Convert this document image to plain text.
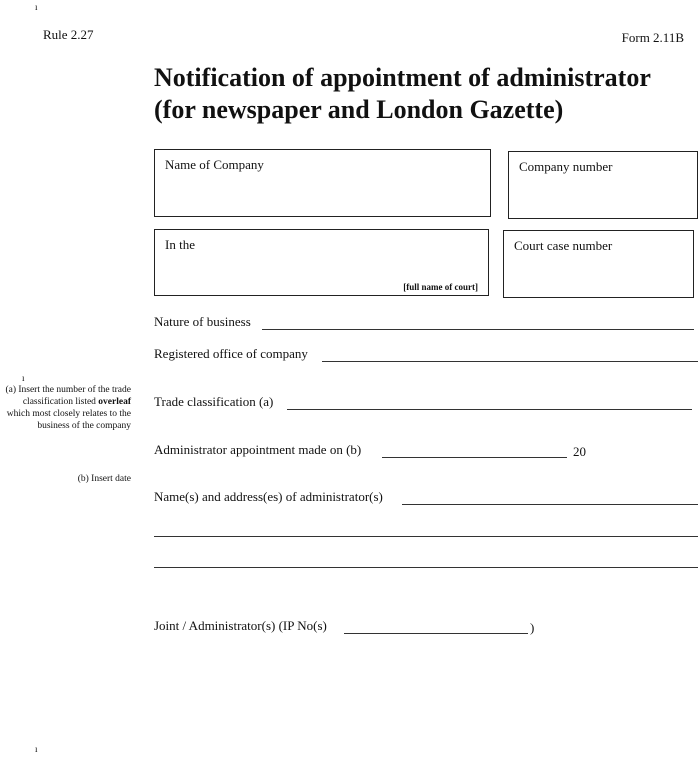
ı
Rule 2.27	Form 2.11B
Notification of appointment of administrator (for newspaper and London Gazette)
Name of Company	Company number
In the
[full name of court]
Court case number
Nature of business
Registered office of company
ı
(a) Insert the number of the trade classification listed overleaf which most closely relates to the business of the company
Trade classification (a)
Administrator appointment made on (b)	20
(b) Insert date
Name(s) and address(es) of administrator(s)
Joint / Administrator(s) (IP No(s)	)
ı
